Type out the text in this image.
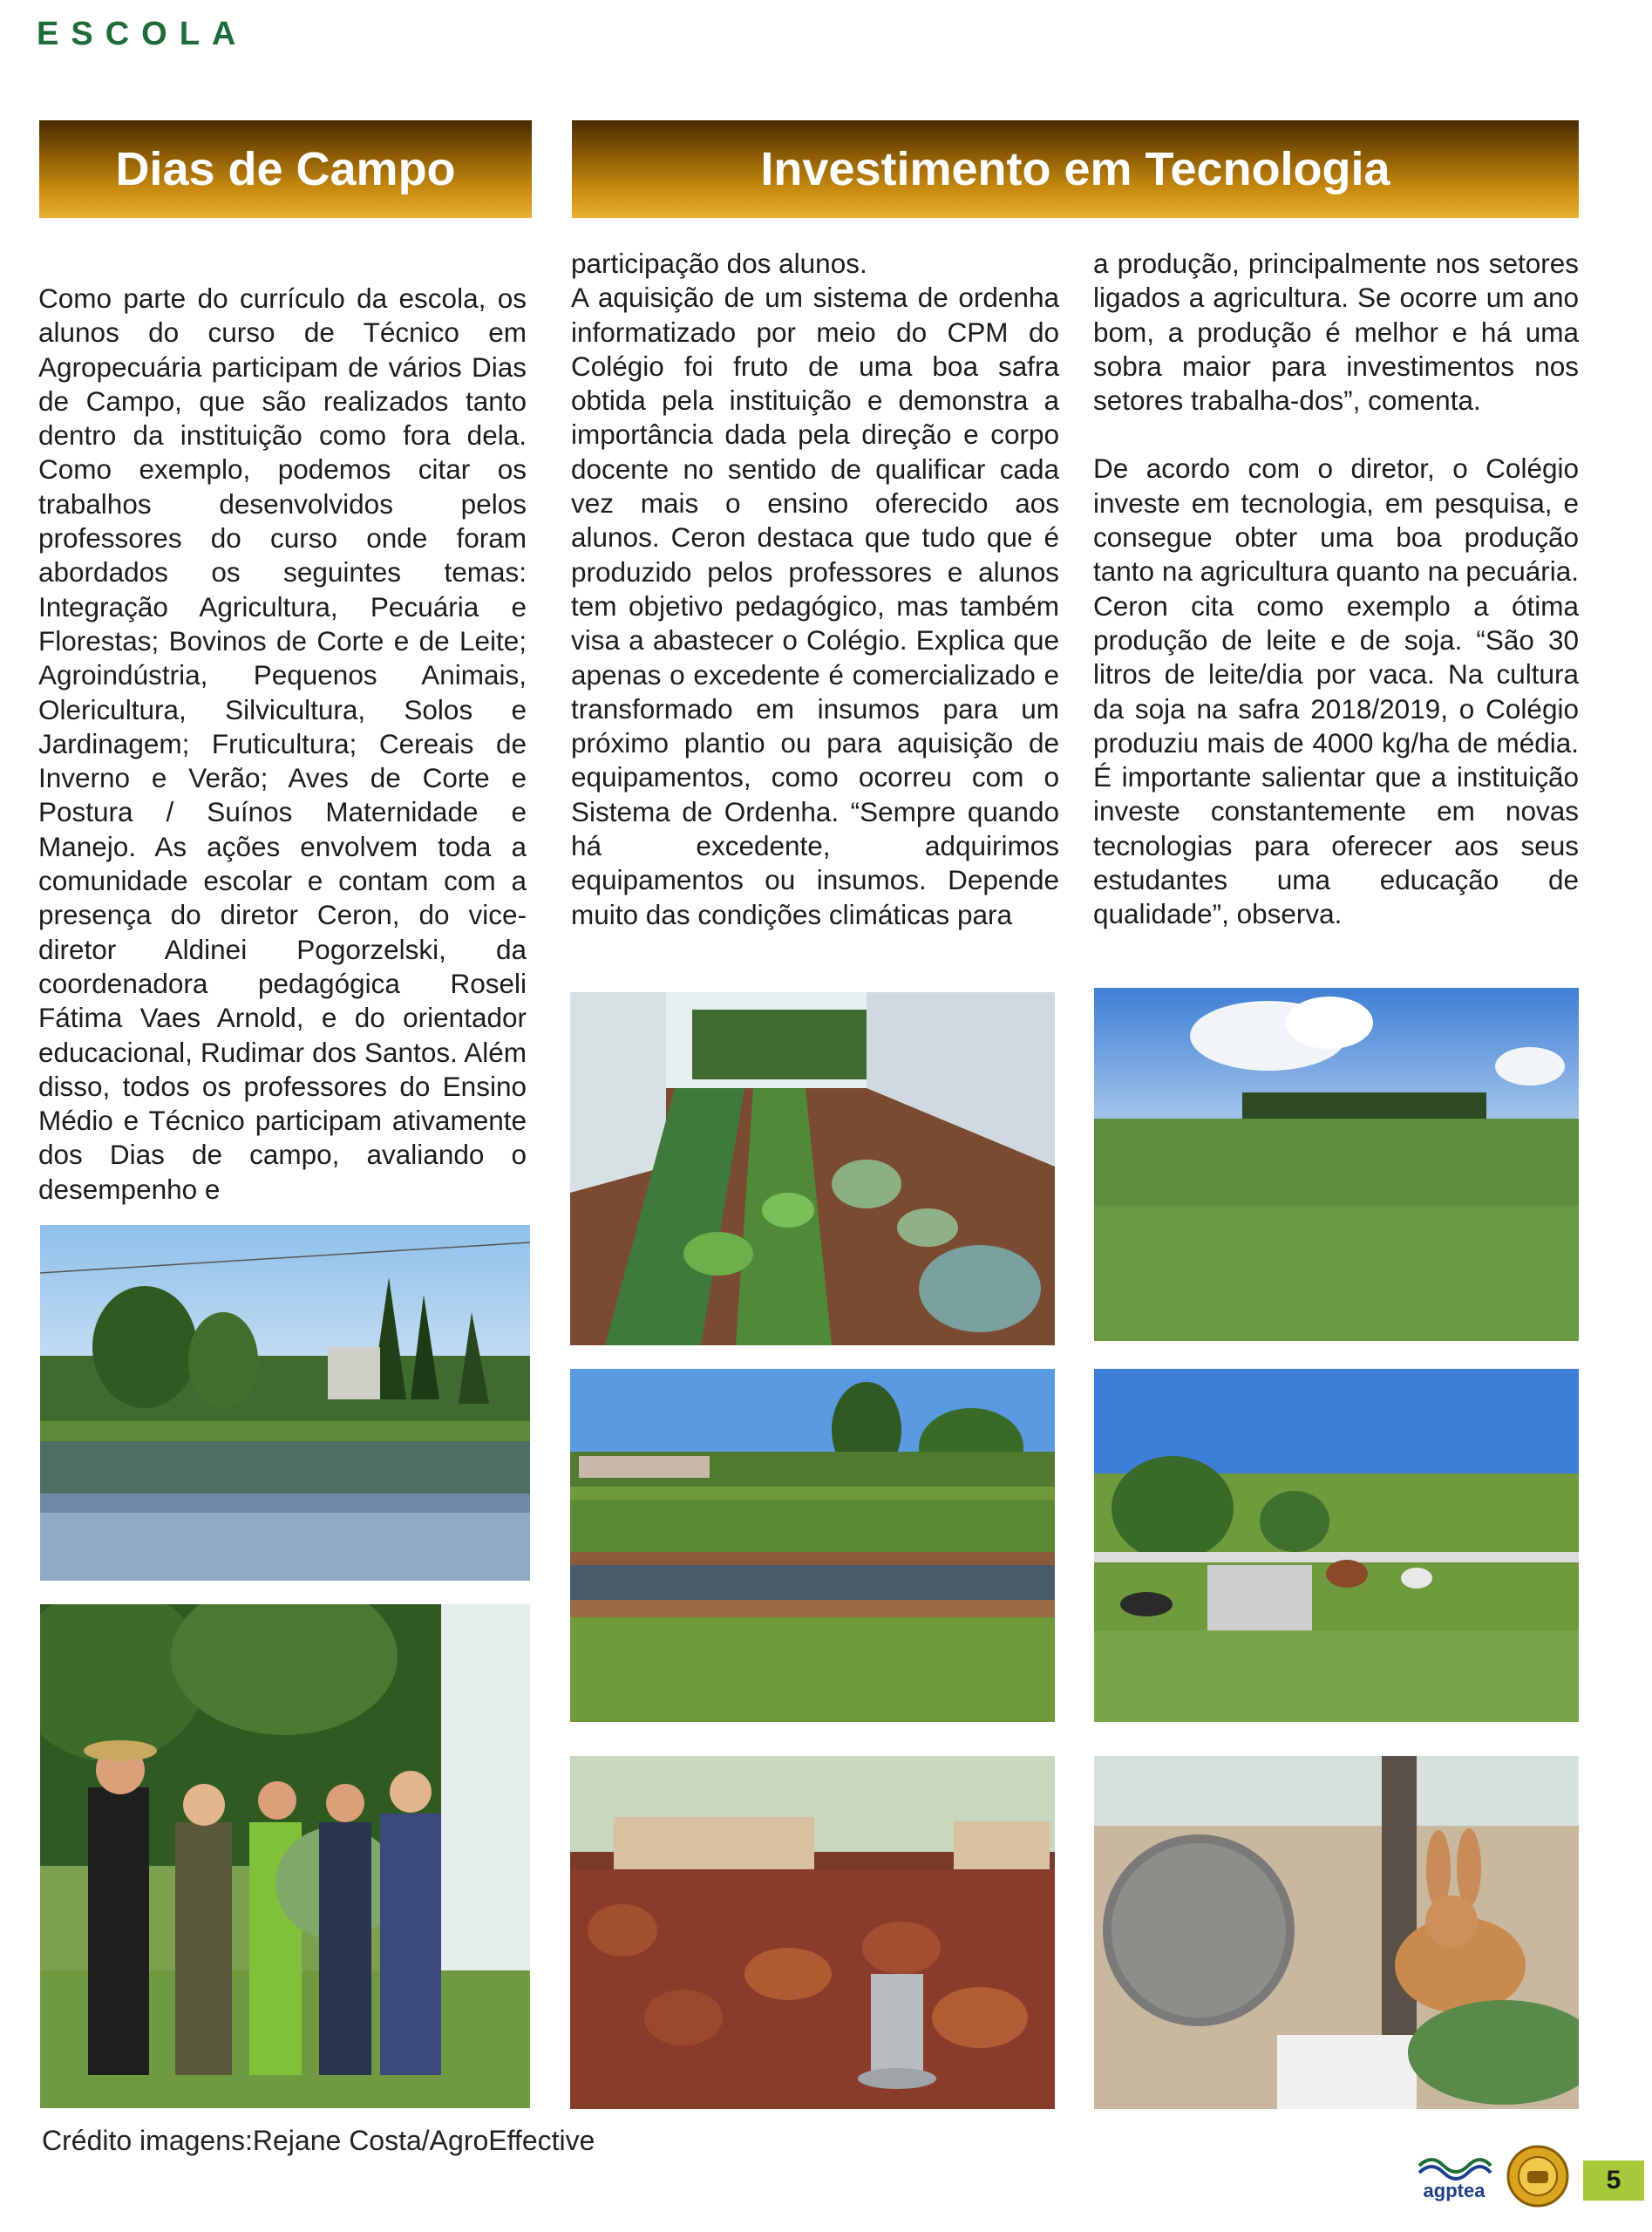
ESCOLA
Dias de Campo	Investimento em Tecnologia

Como parte do currículo da escola, os alunos do curso de Técnico em Agropecuária participam de vários Dias de Campo, que são realizados tanto dentro da instituição como fora dela. Como exemplo, podemos citar os trabalhos desenvolvidos pelos professores do curso onde foram abordados os seguintes temas: Integração Agricultura, Pecuária e Florestas; Bovinos de Corte e de Leite; Agroindústria, Pequenos Animais, Olericultura, Silvicultura, Solos e Jardinagem; Fruticultura; Cereais de Inverno e Verão; Aves de Corte e Postura / Suínos Maternidade e Manejo. As ações envolvem toda a comunidade escolar e contam com a presença do diretor Ceron, do vice-diretor Aldinei Pogorzelski, da coordenadora pedagógica Roseli Fátima Vaes Arnold, e do orientador educacional, Rudimar dos Santos. Além disso, todos os professores do Ensino Médio e Técnico participam ativamente dos Dias de campo, avaliando o desempenho e

participação dos alunos.

A aquisição de um sistema de ordenha informatizado por meio do CPM do Colégio foi fruto de uma boa safra obtida pela instituição e demonstra a importância dada pela direção e corpo docente no sentido de qualificar cada vez mais o ensino oferecido aos alunos. Ceron destaca que tudo que é produzido pelos professores e alunos tem objetivo pedagógico, mas também visa a abastecer o Colégio. Explica que apenas o excedente é comercializado e transformado em insumos para um próximo plantio ou para aquisição de equipamentos, como ocorreu com o Sistema de Ordenha. “Sempre quando há excedente, adquirimos equipamentos ou insumos. Depende muito das condições climáticas para

a produção, principalmente nos setores ligados a agricultura. Se ocorre um ano bom, a produção é melhor e há uma sobra maior para investimentos nos setores trabalha-dos”, comenta.

De acordo com o diretor, o Colégio investe em tecnologia, em pesquisa, e consegue obter uma boa produção tanto na agricultura quanto na pecuária. Ceron cita como exemplo a ótima produção de leite e de soja. “São 30 litros de leite/dia por vaca. Na cultura da soja na safra 2018/2019, o Colégio produziu mais de 4000 kg/ha de média. É importante salientar que a instituição investe constantemente em novas tecnologias para oferecer aos seus estudantes uma educação de qualidade”, observa.

Crédito imagens:Rejane Costa/AgroEffective
agptea	5
